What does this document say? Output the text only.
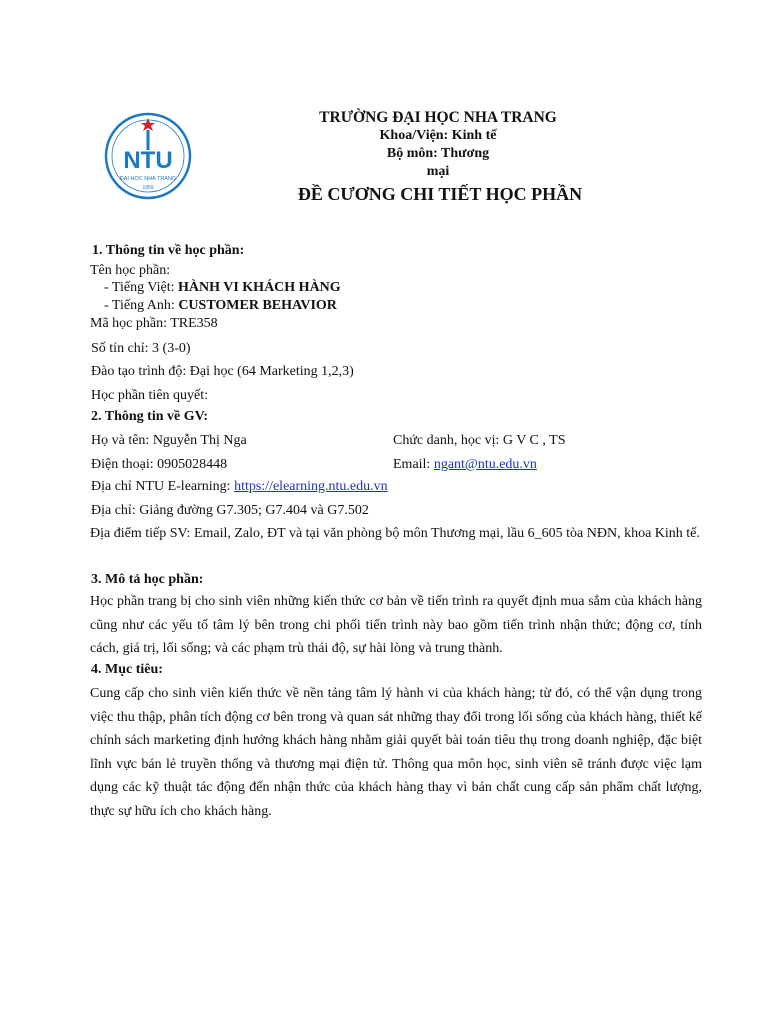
NTU
ĐẠI HỌC NHA TRANG
1959
TRƯỜNG ĐẠI HỌC NHA TRANG
Khoa/Viện: Kinh tế
Bộ môn: Thương
mại
ĐỀ CƯƠNG CHI TIẾT HỌC PHẦN
1. Thông tin về học phần:
Tên học phần:
- Tiếng Việt: HÀNH VI KHÁCH HÀNG
- Tiếng Anh: CUSTOMER BEHAVIOR
Mã học phần: TRE358
Số tín chỉ: 3 (3-0)
Đào tạo trình độ: Đại học (64 Marketing 1,2,3)
Học phần tiên quyết:
2. Thông tin về GV:
Họ và tên: Nguyễn Thị Nga	Chức danh, học vị: G V C , TS
Điện thoại: 0905028448	Email: ngant@ntu.edu.vn
Địa chỉ NTU E-learning: https://elearning.ntu.edu.vn
Địa chỉ: Giảng đường G7.305; G7.404 và G7.502
Địa điểm tiếp SV: Email, Zalo, ĐT và tại văn phòng bộ môn Thương mại, lầu 6_605 tòa NĐN, khoa Kinh tế.
3. Mô tả học phần:
Học phần trang bị cho sinh viên những kiến thức cơ bản về tiến trình ra quyết định mua sắm của khách hàng cũng như các yếu tố tâm lý bên trong chi phối tiến trình này bao gồm tiến trình nhận thức; động cơ, tính cách, giá trị, lối sống; và các phạm trù thái độ, sự hài lòng và trung thành.
4. Mục tiêu:
Cung cấp cho sinh viên kiến thức về nền tảng tâm lý hành vi của khách hàng; từ đó, có thể vận dụng trong việc thu thập, phân tích động cơ bên trong và quan sát những thay đổi trong lối sống của khách hàng, thiết kế chính sách marketing định hướng khách hàng nhằm giải quyết bài toán tiêu thụ trong doanh nghiệp, đặc biệt lĩnh vực bán lẻ truyền thống và thương mại điện tử. Thông qua môn học, sinh viên sẽ tránh được việc lạm dụng các kỹ thuật tác động đến nhận thức của khách hàng thay vì bản chất cung cấp sản phẩm chất lượng, thực sự hữu ích cho khách hàng.
